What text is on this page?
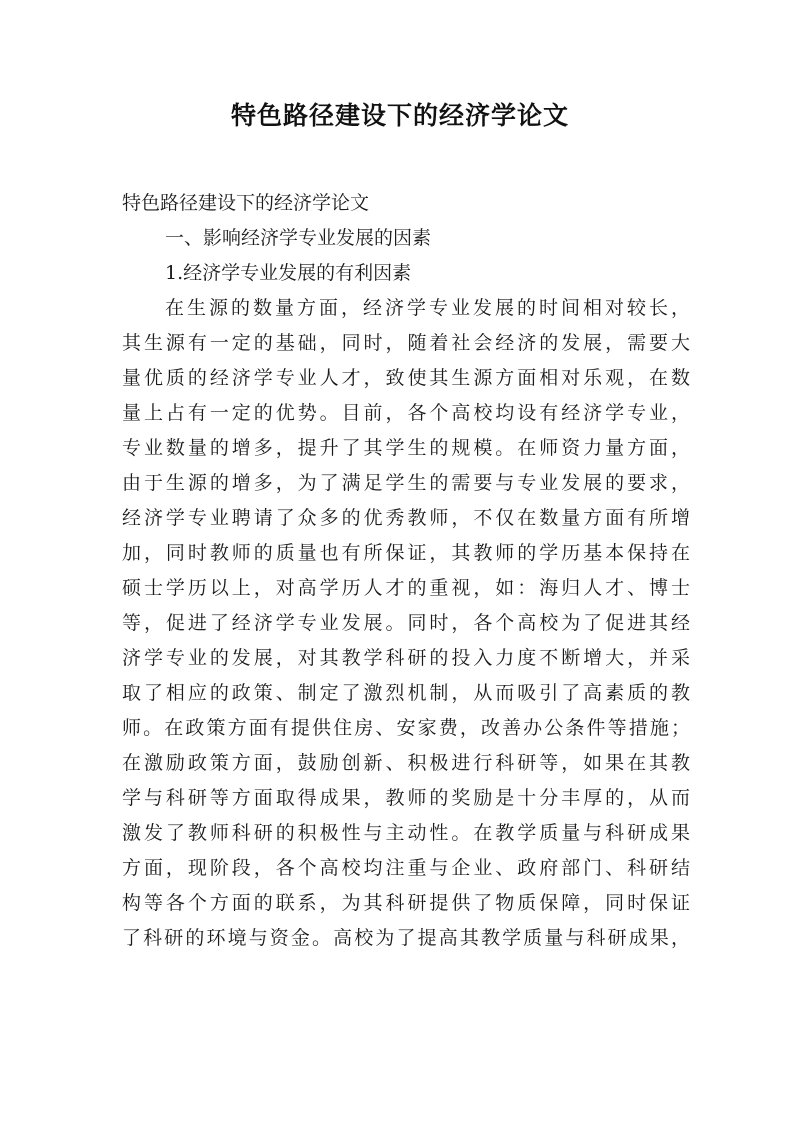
特色路径建设下的经济学论文
特色路径建设下的经济学论文
一、影响经济学专业发展的因素
1.经济学专业发展的有利因素
在生源的数量方面，经济学专业发展的时间相对较长，
其生源有一定的基础，同时，随着社会经济的发展，需要大
量优质的经济学专业人才，致使其生源方面相对乐观，在数
量上占有一定的优势。目前，各个高校均设有经济学专业，
专业数量的增多，提升了其学生的规模。在师资力量方面，
由于生源的增多，为了满足学生的需要与专业发展的要求，
经济学专业聘请了众多的优秀教师，不仅在数量方面有所增
加，同时教师的质量也有所保证，其教师的学历基本保持在
硕士学历以上，对高学历人才的重视，如：海归人才、博士
等，促进了经济学专业发展。同时，各个高校为了促进其经
济学专业的发展，对其教学科研的投入力度不断增大，并采
取了相应的政策、制定了激烈机制，从而吸引了高素质的教
师。在政策方面有提供住房、安家费，改善办公条件等措施；
在激励政策方面，鼓励创新、积极进行科研等，如果在其教
学与科研等方面取得成果，教师的奖励是十分丰厚的，从而
激发了教师科研的积极性与主动性。在教学质量与科研成果
方面，现阶段，各个高校均注重与企业、政府部门、科研结
构等各个方面的联系，为其科研提供了物质保障，同时保证
了科研的环境与资金。高校为了提高其教学质量与科研成果，
